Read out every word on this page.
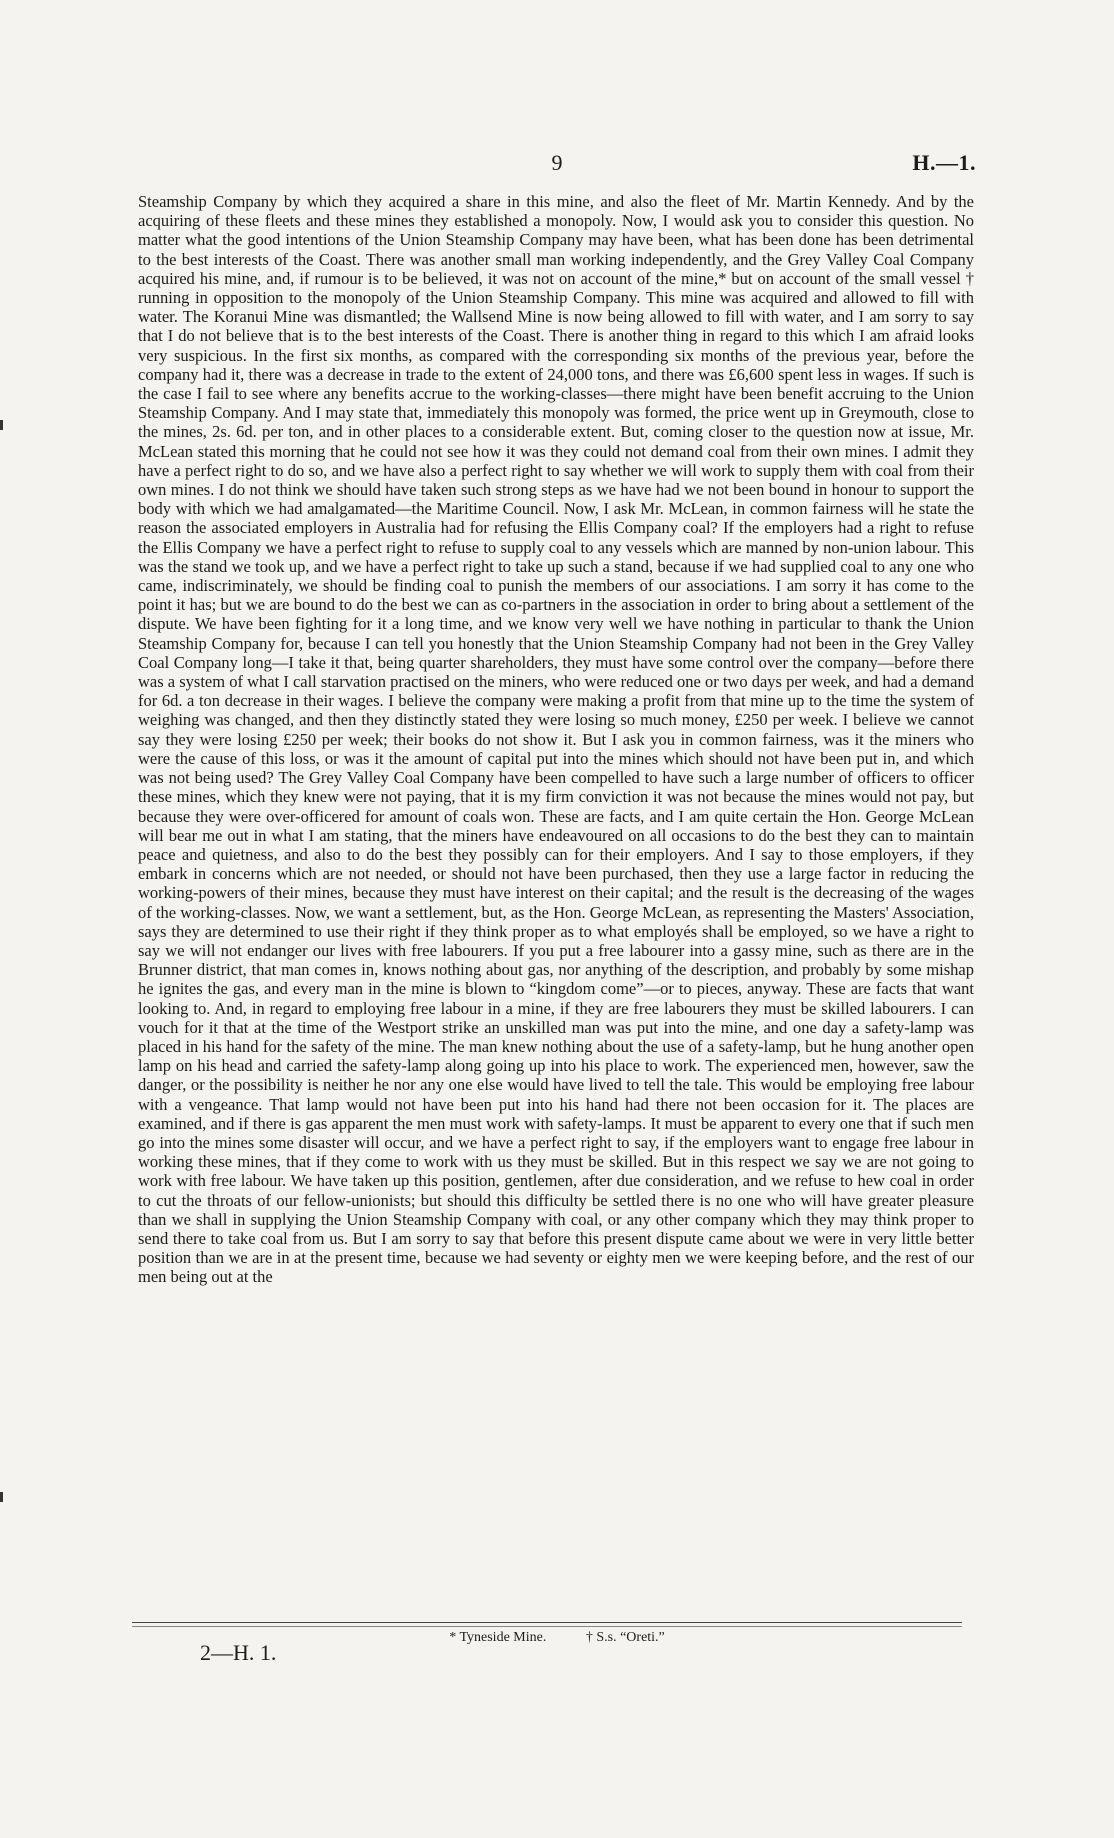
9	H.—1.

Steamship Company by which they acquired a share in this mine, and also the fleet of Mr. Martin Kennedy. And by the acquiring of these fleets and these mines they established a monopoly. Now, I would ask you to consider this question. No matter what the good intentions of the Union Steamship Company may have been, what has been done has been detrimental to the best interests of the Coast. There was another small man working independently, and the Grey Valley Coal Company acquired his mine, and, if rumour is to be believed, it was not on account of the mine,* but on account of the small vessel † running in opposition to the monopoly of the Union Steamship Company. This mine was acquired and allowed to fill with water. The Koranui Mine was dismantled; the Wallsend Mine is now being allowed to fill with water, and I am sorry to say that I do not believe that is to the best interests of the Coast. There is another thing in regard to this which I am afraid looks very suspicious. In the first six months, as compared with the corresponding six months of the previous year, before the company had it, there was a decrease in trade to the extent of 24,000 tons, and there was £6,600 spent less in wages. If such is the case I fail to see where any benefits accrue to the working-classes—there might have been benefit accruing to the Union Steamship Company. And I may state that, immediately this monopoly was formed, the price went up in Greymouth, close to the mines, 2s. 6d. per ton, and in other places to a considerable extent. But, coming closer to the question now at issue, Mr. McLean stated this morning that he could not see how it was they could not demand coal from their own mines. I admit they have a perfect right to do so, and we have also a perfect right to say whether we will work to supply them with coal from their own mines. I do not think we should have taken such strong steps as we have had we not been bound in honour to support the body with which we had amalgamated—the Maritime Council. Now, I ask Mr. McLean, in common fairness will he state the reason the associated employers in Australia had for refusing the Ellis Company coal? If the employers had a right to refuse the Ellis Company we have a perfect right to refuse to supply coal to any vessels which are manned by non-union labour. This was the stand we took up, and we have a perfect right to take up such a stand, because if we had supplied coal to any one who came, indiscriminately, we should be finding coal to punish the members of our associations. I am sorry it has come to the point it has; but we are bound to do the best we can as co-partners in the association in order to bring about a settlement of the dispute. We have been fighting for it a long time, and we know very well we have nothing in particular to thank the Union Steamship Company for, because I can tell you honestly that the Union Steamship Company had not been in the Grey Valley Coal Company long—I take it that, being quarter shareholders, they must have some control over the company—before there was a system of what I call starvation practised on the miners, who were reduced one or two days per week, and had a demand for 6d. a ton decrease in their wages. I believe the company were making a profit from that mine up to the time the system of weighing was changed, and then they distinctly stated they were losing so much money, £250 per week. I believe we cannot say they were losing £250 per week; their books do not show it. But I ask you in common fairness, was it the miners who were the cause of this loss, or was it the amount of capital put into the mines which should not have been put in, and which was not being used? The Grey Valley Coal Company have been compelled to have such a large number of officers to officer these mines, which they knew were not paying, that it is my firm conviction it was not because the mines would not pay, but because they were over-officered for amount of coals won. These are facts, and I am quite certain the Hon. George McLean will bear me out in what I am stating, that the miners have endeavoured on all occasions to do the best they can to maintain peace and quietness, and also to do the best they possibly can for their employers. And I say to those employers, if they embark in concerns which are not needed, or should not have been purchased, then they use a large factor in reducing the working-powers of their mines, because they must have interest on their capital; and the result is the decreasing of the wages of the working-classes. Now, we want a settlement, but, as the Hon. George McLean, as representing the Masters' Association, says they are determined to use their right if they think proper as to what employés shall be employed, so we have a right to say we will not endanger our lives with free labourers. If you put a free labourer into a gassy mine, such as there are in the Brunner district, that man comes in, knows nothing about gas, nor anything of the description, and probably by some mishap he ignites the gas, and every man in the mine is blown to “kingdom come”—or to pieces, anyway. These are facts that want looking to. And, in regard to employing free labour in a mine, if they are free labourers they must be skilled labourers. I can vouch for it that at the time of the Westport strike an unskilled man was put into the mine, and one day a safety-lamp was placed in his hand for the safety of the mine. The man knew nothing about the use of a safety-lamp, but he hung another open lamp on his head and carried the safety-lamp along going up into his place to work. The experienced men, however, saw the danger, or the possibility is neither he nor any one else would have lived to tell the tale. This would be employing free labour with a vengeance. That lamp would not have been put into his hand had there not been occasion for it. The places are examined, and if there is gas apparent the men must work with safety-lamps. It must be apparent to every one that if such men go into the mines some disaster will occur, and we have a perfect right to say, if the employers want to engage free labour in working these mines, that if they come to work with us they must be skilled. But in this respect we say we are not going to work with free labour. We have taken up this position, gentlemen, after due consideration, and we refuse to hew coal in order to cut the throats of our fellow-unionists; but should this difficulty be settled there is no one who will have greater pleasure than we shall in supplying the Union Steamship Company with coal, or any other company which they may think proper to send there to take coal from us. But I am sorry to say that before this present dispute came about we were in very little better position than we are in at the present time, because we had seventy or eighty men we were keeping before, and the rest of our men being out at the

* Tyneside Mine.	† S.s. “Oreti.”
2—H. 1.
